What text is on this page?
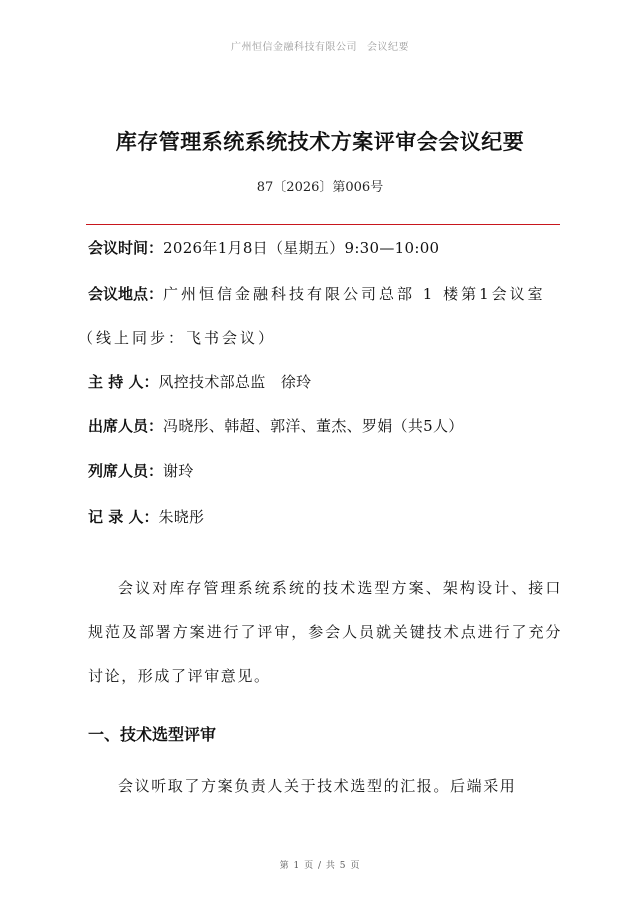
广州恒信金融科技有限公司 会议纪要
库存管理系统系统技术方案评审会会议纪要
87〔2026〕第006号
会议时间：2026年1月8日（星期五）9:30—10:00
会议地点：广州恒信金融科技有限公司总部 1 楼第1会议室
（线上同步：飞书会议）
主 持 人：风控技术部总监　徐玲
出席人员：冯晓彤、韩超、郭洋、董杰、罗娟（共5人）
列席人员：谢玲
记 录 人：朱晓彤
会议对库存管理系统系统的技术选型方案、架构设计、接口规范及部署方案进行了评审，参会人员就关键技术点进行了充分讨论，形成了评审意见。
一、技术选型评审
会议听取了方案负责人关于技术选型的汇报。后端采用
第 1 页 / 共 5 页
